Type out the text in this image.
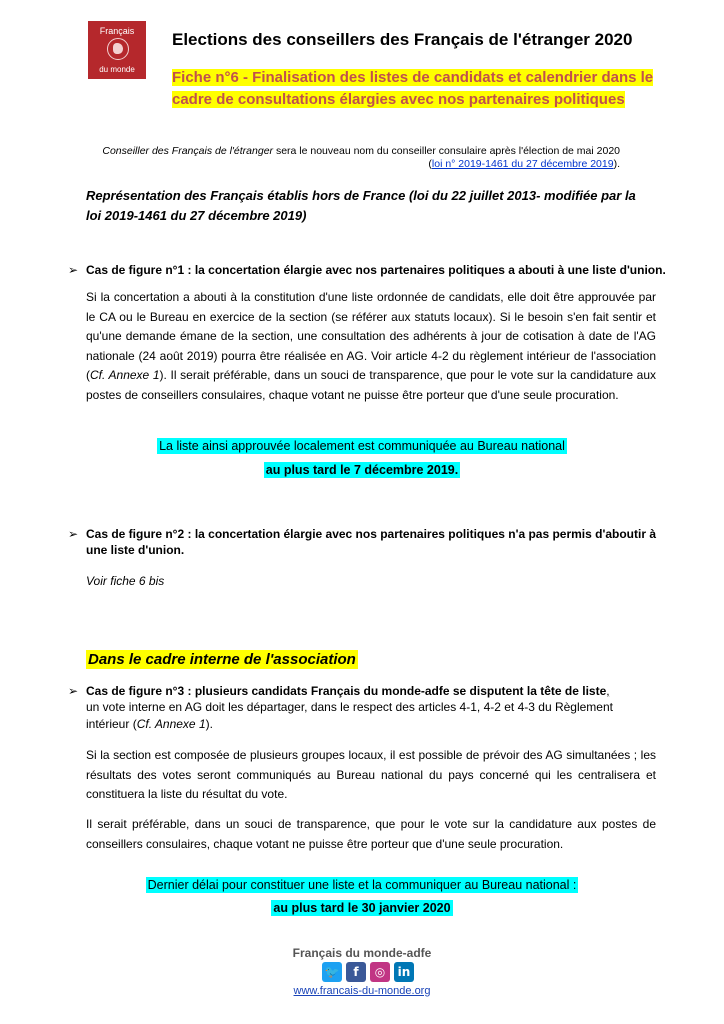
Français
du monde
Elections des conseillers des Français de l'étranger 2020
Fiche n°6 - Finalisation des listes de candidats et calendrier dans le
cadre de consultations élargies avec nos partenaires politiques
Conseiller des Français de l'étranger sera le nouveau nom du conseiller consulaire après l'élection de mai 2020
(loi n° 2019-1461 du 27 décembre 2019).
Représentation des Français établis hors de France (loi du 22 juillet 2013- modifiée par la loi 2019-1461 du 27 décembre 2019)
➢ Cas de figure n°1 : la concertation élargie avec nos partenaires politiques a abouti à une liste d'union.
Si la concertation a abouti à la constitution d'une liste ordonnée de candidats, elle doit être approuvée par le CA ou le Bureau en exercice de la section (se référer aux statuts locaux). Si le besoin s'en fait sentir et qu'une demande émane de la section, une consultation des adhérents à jour de cotisation à date de l'AG nationale (24 août 2019) pourra être réalisée en AG. Voir article 4-2 du règlement intérieur de l'association (Cf. Annexe 1). Il serait préférable, dans un souci de transparence, que pour le vote sur la candidature aux postes de conseillers consulaires, chaque votant ne puisse être porteur que d'une seule procuration.
La liste ainsi approuvée localement est communiquée au Bureau national
au plus tard le 7 décembre 2019.
➢ Cas de figure n°2 : la concertation élargie avec nos partenaires politiques n'a pas permis d'aboutir à
une liste d'union.
Voir fiche 6 bis
Dans le cadre interne de l'association
➢ Cas de figure n°3 : plusieurs candidats Français du monde-adfe se disputent la tête de liste,
un vote interne en AG doit les départager, dans le respect des articles 4-1, 4-2 et 4-3 du Règlement intérieur (Cf. Annexe 1).
Si la section est composée de plusieurs groupes locaux, il est possible de prévoir des AG simultanées ; les résultats des votes seront communiqués au Bureau national du pays concerné qui les centralisera et constituera la liste du résultat du vote.
Il serait préférable, dans un souci de transparence, que pour le vote sur la candidature aux postes de conseillers consulaires, chaque votant ne puisse être porteur que d'une seule procuration.
Dernier délai pour constituer une liste et la communiquer au Bureau national :
au plus tard le 30 janvier 2020
Français du monde-adfe
🐦	f	◎	in
www.francais-du-monde.org
